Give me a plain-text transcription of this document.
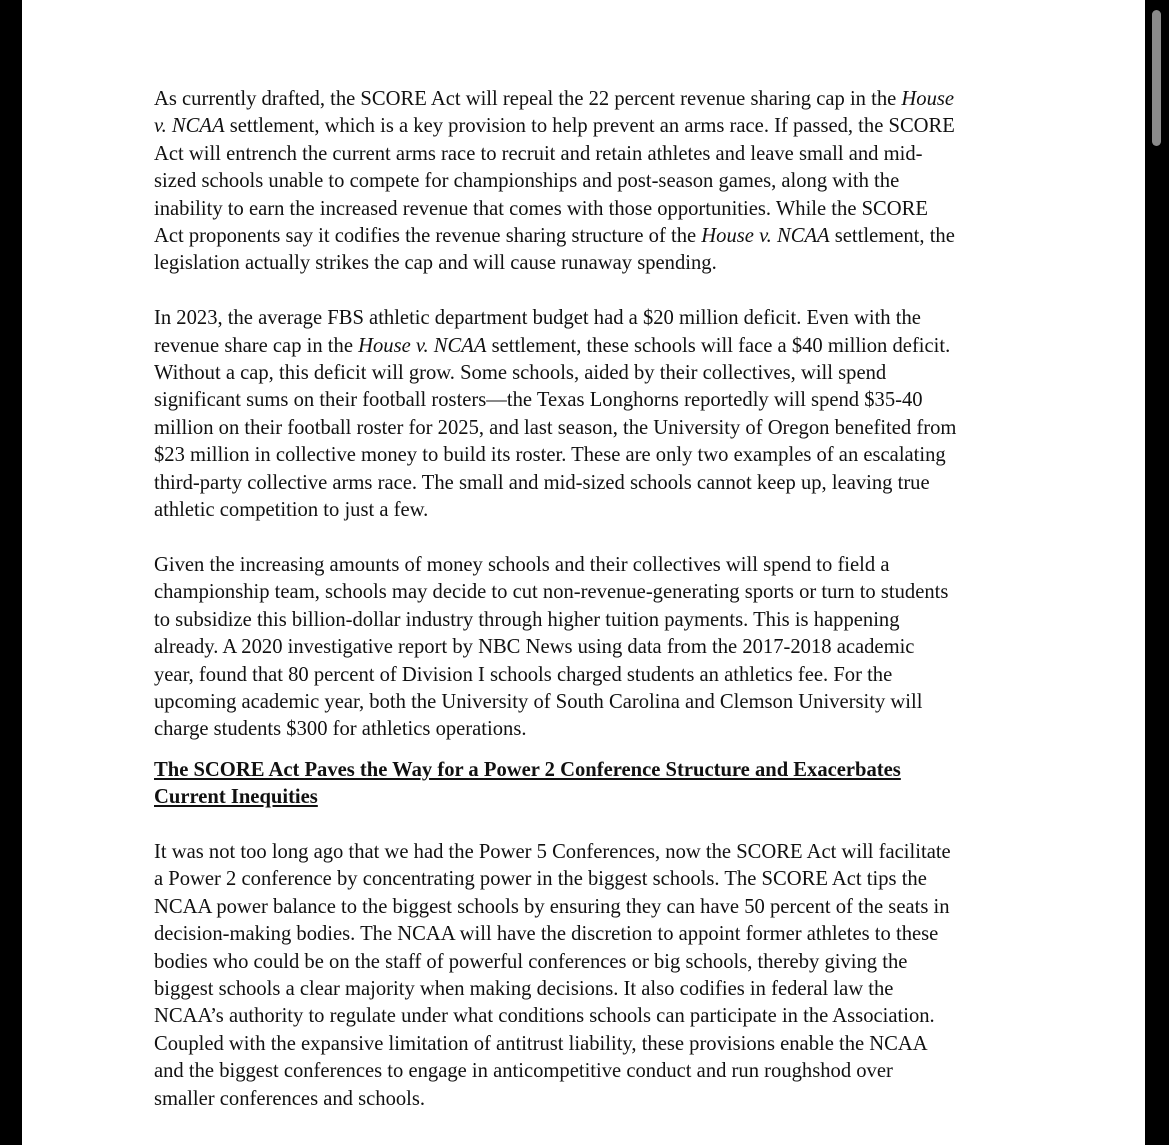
As currently drafted, the SCORE Act will repeal the 22 percent revenue sharing cap in the House
v. NCAA settlement, which is a key provision to help prevent an arms race. If passed, the SCORE
Act will entrench the current arms race to recruit and retain athletes and leave small and mid-
sized schools unable to compete for championships and post-season games, along with the
inability to earn the increased revenue that comes with those opportunities. While the SCORE
Act proponents say it codifies the revenue sharing structure of the House v. NCAA settlement, the
legislation actually strikes the cap and will cause runaway spending.

In 2023, the average FBS athletic department budget had a $20 million deficit. Even with the
revenue share cap in the House v. NCAA settlement, these schools will face a $40 million deficit.
Without a cap, this deficit will grow. Some schools, aided by their collectives, will spend
significant sums on their football rosters—the Texas Longhorns reportedly will spend $35-40
million on their football roster for 2025, and last season, the University of Oregon benefited from
$23 million in collective money to build its roster. These are only two examples of an escalating
third-party collective arms race. The small and mid-sized schools cannot keep up, leaving true
athletic competition to just a few.

Given the increasing amounts of money schools and their collectives will spend to field a
championship team, schools may decide to cut non-revenue-generating sports or turn to students
to subsidize this billion-dollar industry through higher tuition payments. This is happening
already. A 2020 investigative report by NBC News using data from the 2017-2018 academic
year, found that 80 percent of Division I schools charged students an athletics fee. For the
upcoming academic year, both the University of South Carolina and Clemson University will
charge students $300 for athletics operations.

The SCORE Act Paves the Way for a Power 2 Conference Structure and Exacerbates
Current Inequities

It was not too long ago that we had the Power 5 Conferences, now the SCORE Act will facilitate
a Power 2 conference by concentrating power in the biggest schools. The SCORE Act tips the
NCAA power balance to the biggest schools by ensuring they can have 50 percent of the seats in
decision-making bodies. The NCAA will have the discretion to appoint former athletes to these
bodies who could be on the staff of powerful conferences or big schools, thereby giving the
biggest schools a clear majority when making decisions. It also codifies in federal law the
NCAA’s authority to regulate under what conditions schools can participate in the Association.
Coupled with the expansive limitation of antitrust liability, these provisions enable the NCAA
and the biggest conferences to engage in anticompetitive conduct and run roughshod over
smaller conferences and schools.
